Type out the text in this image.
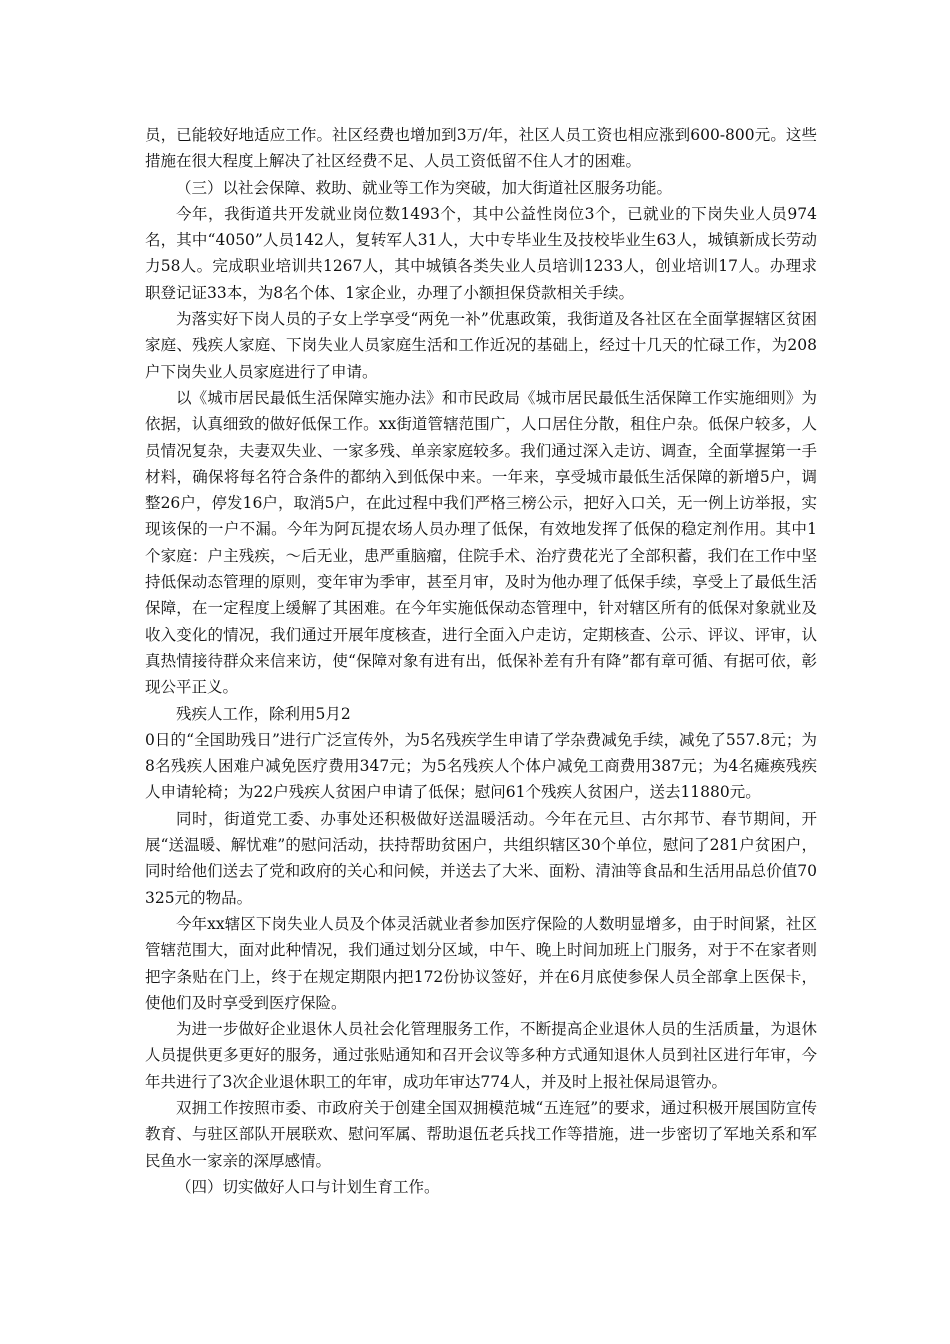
员，已能较好地适应工作。社区经费也增加到3万/年，社区人员工资也相应涨到600-800元。这些措施在很大程度上解决了社区经费不足、人员工资低留不住人才的困难。

（三）以社会保障、救助、就业等工作为突破，加大街道社区服务功能。

今年，我街道共开发就业岗位数1493个，其中公益性岗位3个，已就业的下岗失业人员974名，其中“4050”人员142人，复转军人31人，大中专毕业生及技校毕业生63人，城镇新成长劳动力58人。完成职业培训共1267人，其中城镇各类失业人员培训1233人，创业培训17人。办理求职登记证33本，为8名个体、1家企业，办理了小额担保贷款相关手续。

为落实好下岗人员的子女上学享受“两免一补”优惠政策，我街道及各社区在全面掌握辖区贫困家庭、残疾人家庭、下岗失业人员家庭生活和工作近况的基础上，经过十几天的忙碌工作，为208户下岗失业人员家庭进行了申请。

以《城市居民最低生活保障实施办法》和市民政局《城市居民最低生活保障工作实施细则》为依据，认真细致的做好低保工作。xx街道管辖范围广，人口居住分散，租住户杂。低保户较多，人员情况复杂，夫妻双失业、一家多残、单亲家庭较多。我们通过深入走访、调查，全面掌握第一手材料，确保将每名符合条件的都纳入到低保中来。一年来，享受城市最低生活保障的新增5户，调整26户，停发16户，取消5户，在此过程中我们严格三榜公示，把好入口关，无一例上访举报，实现该保的一户不漏。今年为阿瓦提农场人员办理了低保，有效地发挥了低保的稳定剂作用。其中1个家庭：户主残疾，～后无业，患严重脑瘤，住院手术、治疗费花光了全部积蓄，我们在工作中坚持低保动态管理的原则，变年审为季审，甚至月审，及时为他办理了低保手续，享受上了最低生活保障，在一定程度上缓解了其困难。在今年实施低保动态管理中，针对辖区所有的低保对象就业及收入变化的情况，我们通过开展年度核查，进行全面入户走访，定期核查、公示、评议、评审，认真热情接待群众来信来访，使“保障对象有进有出，低保补差有升有降”都有章可循、有据可依，彰现公平正义。

残疾人工作，除利用5月2

0日的“全国助残日”进行广泛宣传外，为5名残疾学生申请了学杂费减免手续，减免了557.8元；为8名残疾人困难户减免医疗费用347元；为5名残疾人个体户减免工商费用387元；为4名瘫痪残疾人申请轮椅；为22户残疾人贫困户申请了低保；慰问61个残疾人贫困户，送去11880元。

同时，街道党工委、办事处还积极做好送温暖活动。今年在元旦、古尔邦节、春节期间，开展“送温暖、解忧难”的慰问活动，扶持帮助贫困户，共组织辖区30个单位，慰问了281户贫困户，同时给他们送去了党和政府的关心和问候，并送去了大米、面粉、清油等食品和生活用品总价值70325元的物品。

今年xx辖区下岗失业人员及个体灵活就业者参加医疗保险的人数明显增多，由于时间紧，社区管辖范围大，面对此种情况，我们通过划分区域，中午、晚上时间加班上门服务，对于不在家者则把字条贴在门上，终于在规定期限内把172份协议签好，并在6月底使参保人员全部拿上医保卡，使他们及时享受到医疗保险。

为进一步做好企业退休人员社会化管理服务工作，不断提高企业退休人员的生活质量，为退休人员提供更多更好的服务，通过张贴通知和召开会议等多种方式通知退休人员到社区进行年审，今年共进行了3次企业退休职工的年审，成功年审达774人，并及时上报社保局退管办。

双拥工作按照市委、市政府关于创建全国双拥模范城“五连冠”的要求，通过积极开展国防宣传教育、与驻区部队开展联欢、慰问军属、帮助退伍老兵找工作等措施，进一步密切了军地关系和军民鱼水一家亲的深厚感情。

（四）切实做好人口与计划生育工作。
